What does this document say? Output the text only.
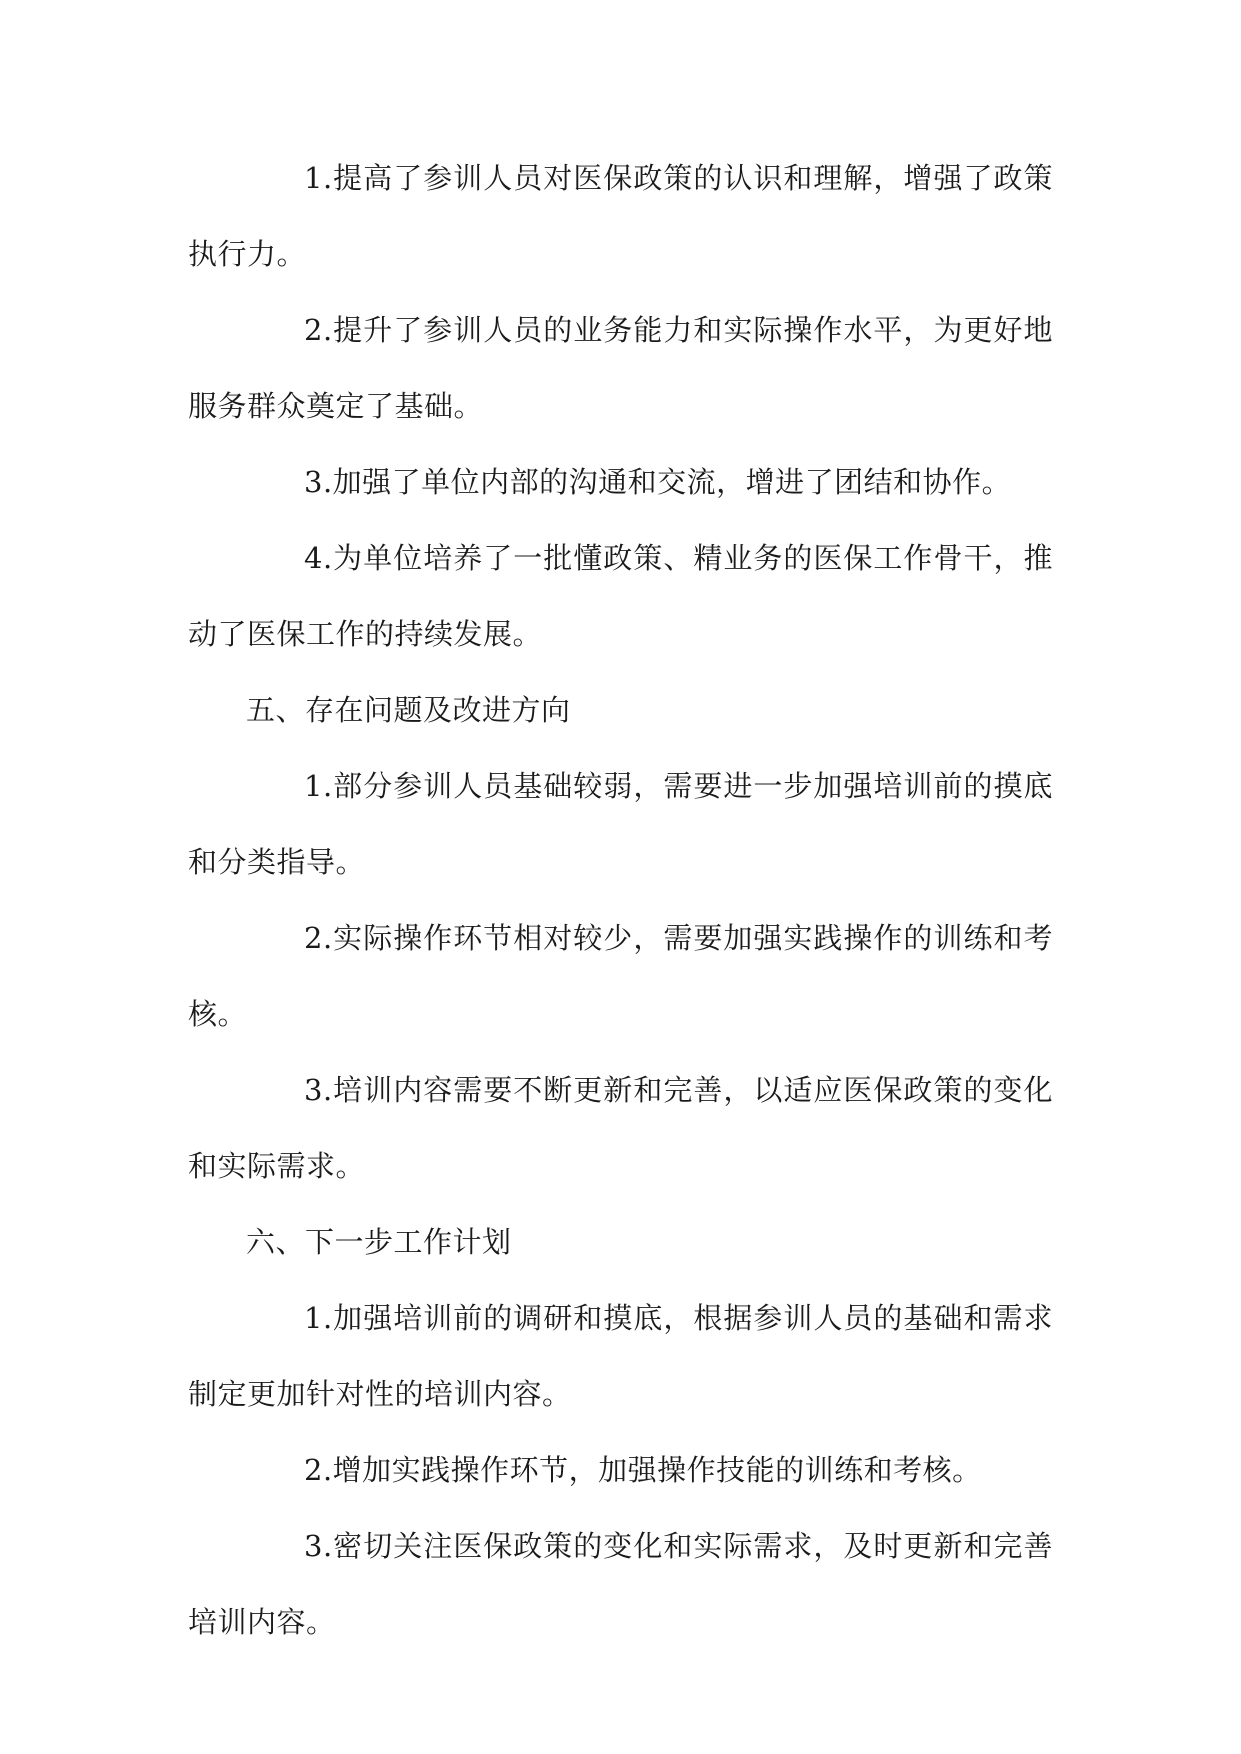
1.提高了参训人员对医保政策的认识和理解，增强了政策执行力。

2.提升了参训人员的业务能力和实际操作水平，为更好地服务群众奠定了基础。

3.加强了单位内部的沟通和交流，增进了团结和协作。

4.为单位培养了一批懂政策、精业务的医保工作骨干，推动了医保工作的持续发展。

五、存在问题及改进方向

1.部分参训人员基础较弱，需要进一步加强培训前的摸底和分类指导。

2.实际操作环节相对较少，需要加强实践操作的训练和考核。

3.培训内容需要不断更新和完善，以适应医保政策的变化和实际需求。

六、下一步工作计划

1.加强培训前的调研和摸底，根据参训人员的基础和需求制定更加针对性的培训内容。

2.增加实践操作环节，加强操作技能的训练和考核。

3.密切关注医保政策的变化和实际需求，及时更新和完善培训内容。
